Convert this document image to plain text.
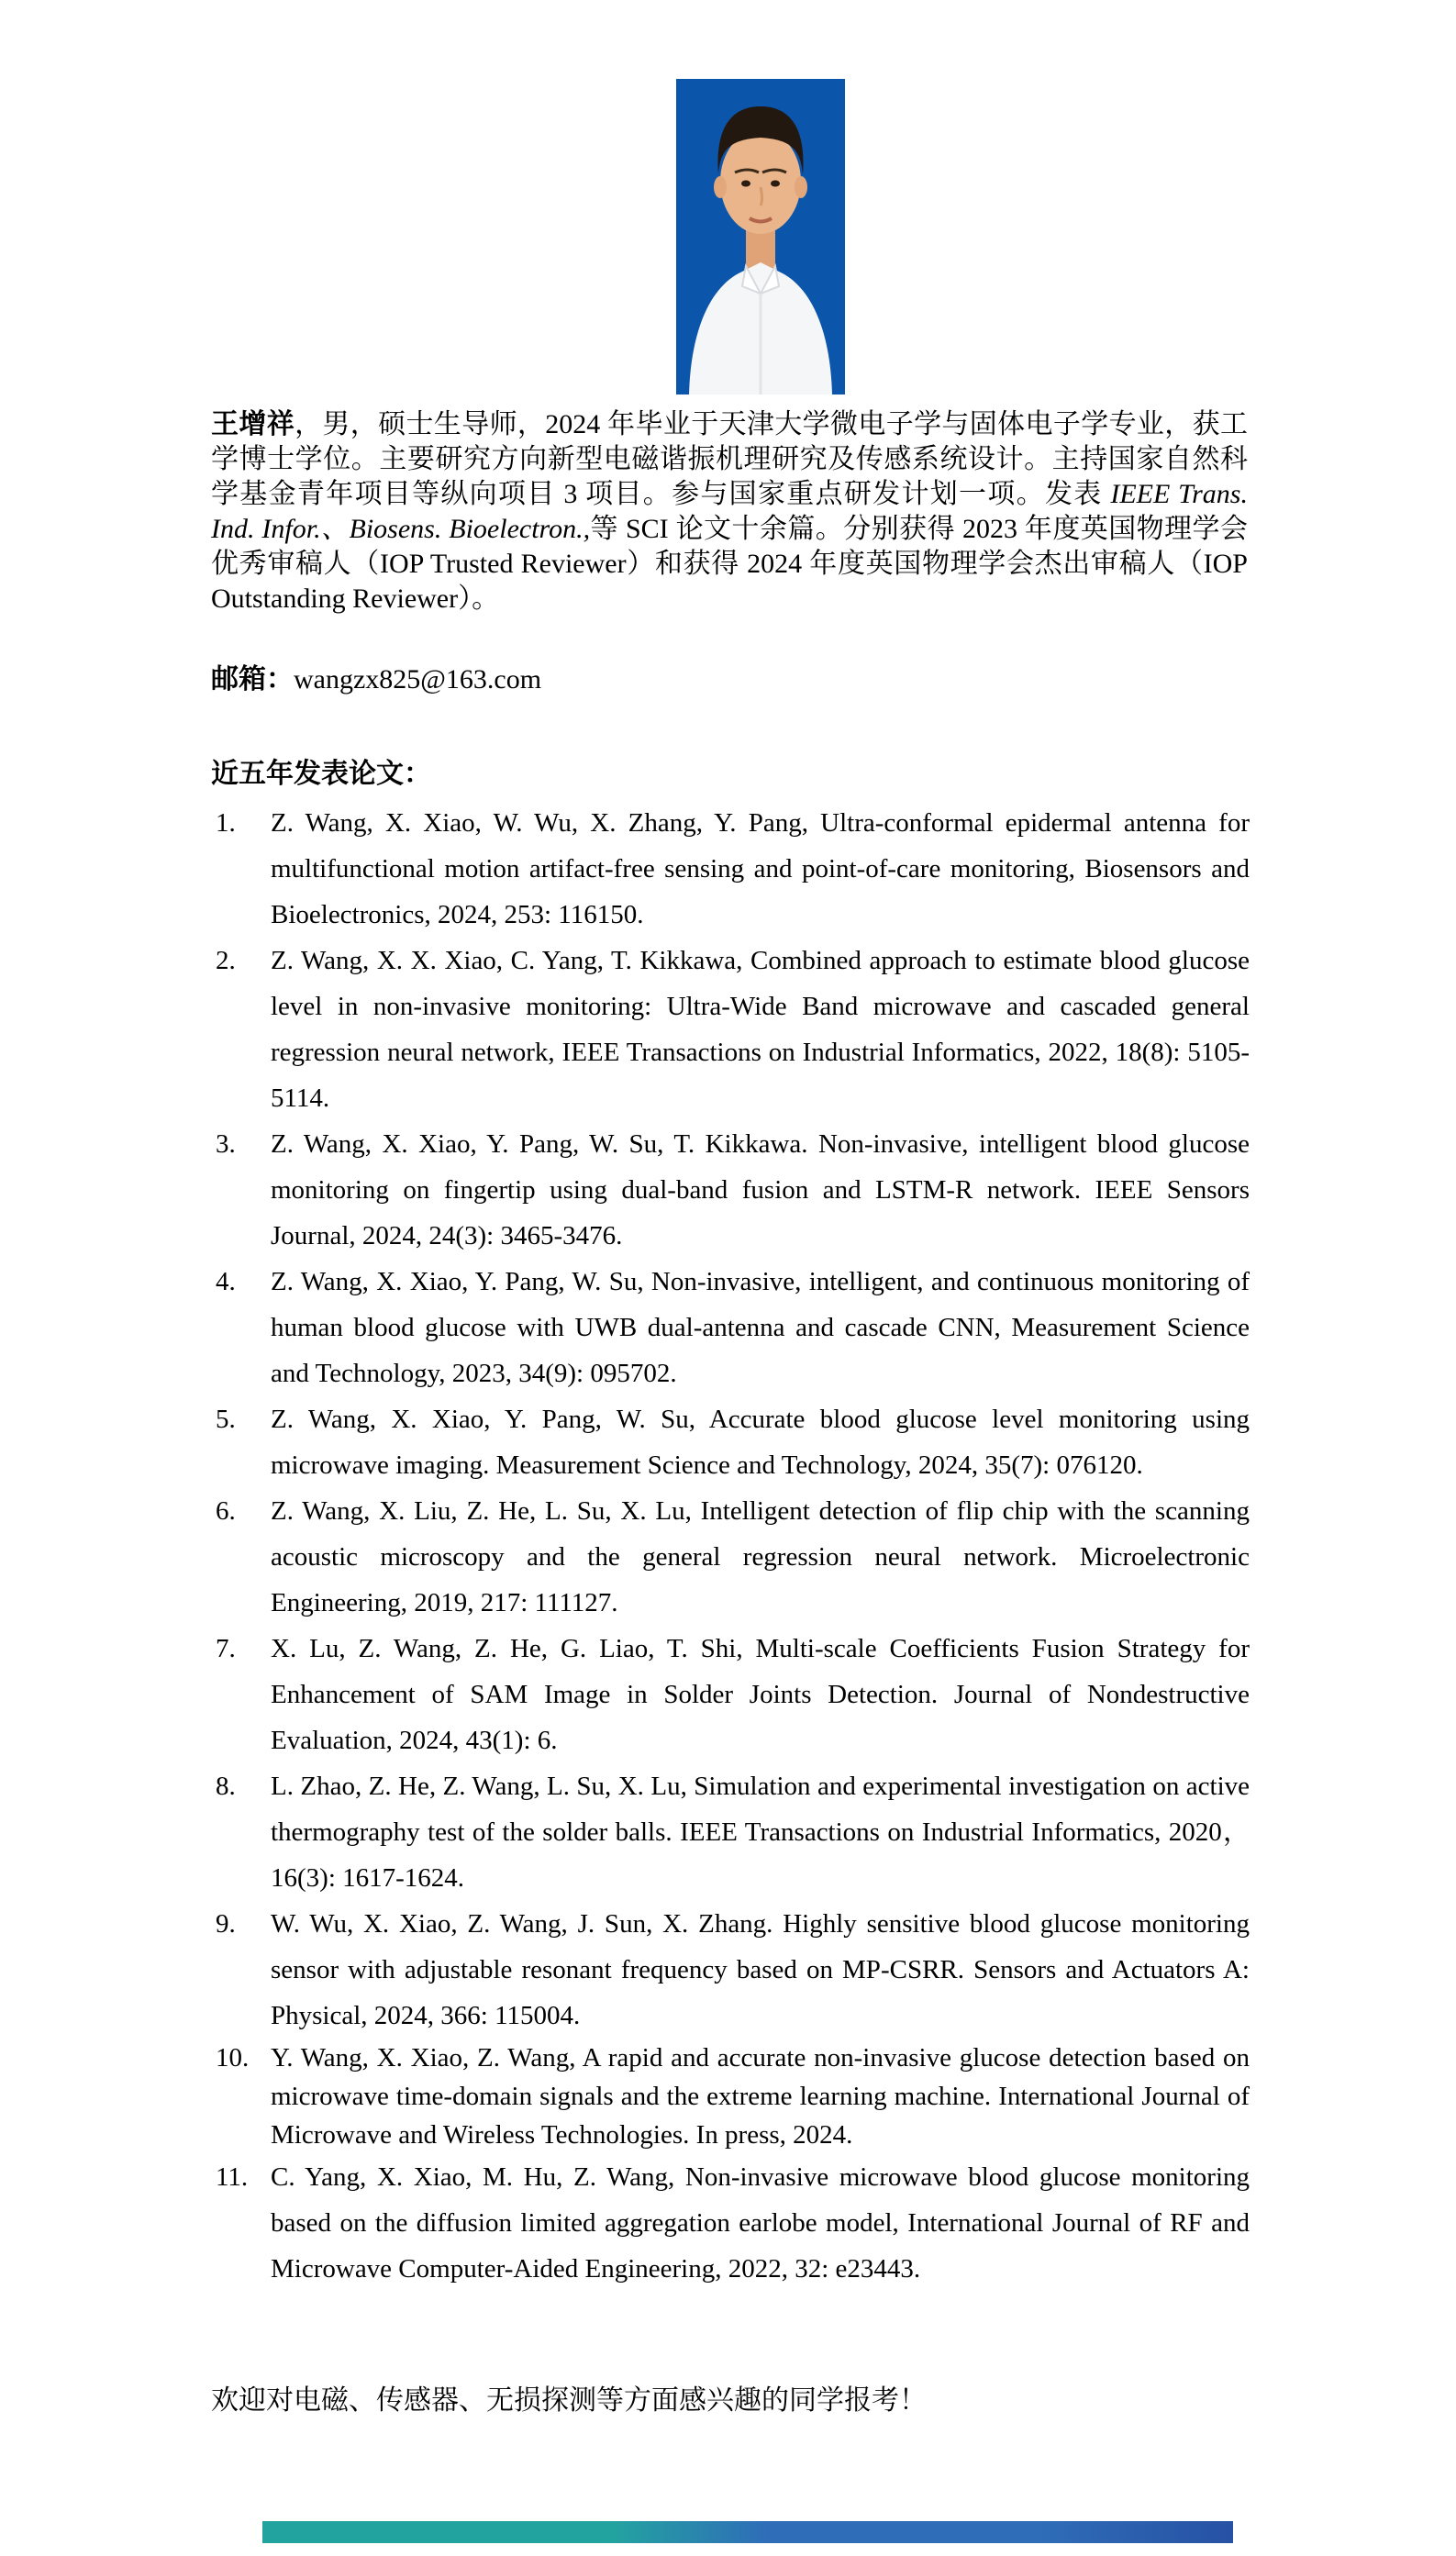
王增祥，男，硕士生导师，2024 年毕业于天津大学微电子学与固体电子学专业，获工学博士学位。主要研究方向新型电磁谐振机理研究及传感系统设计。主持国家自然科学基金青年项目等纵向项目 3 项目。参与国家重点研发计划一项。发表 IEEE Trans. Ind. Infor.、Biosens. Bioelectron.,等 SCI 论文十余篇。分别获得 2023 年度英国物理学会优秀审稿人（IOP Trusted Reviewer）和获得 2024 年度英国物理学会杰出审稿人（IOP Outstanding Reviewer）。

邮箱：wangzx825@163.com

近五年发表论文：
1. Z. Wang, X. Xiao, W. Wu, X. Zhang, Y. Pang, Ultra-conformal epidermal antenna for multifunctional motion artifact-free sensing and point-of-care monitoring, Biosensors and Bioelectronics, 2024, 253: 116150.
2. Z. Wang, X. X. Xiao, C. Yang, T. Kikkawa, Combined approach to estimate blood glucose level in non-invasive monitoring: Ultra-Wide Band microwave and cascaded general regression neural network, IEEE Transactions on Industrial Informatics, 2022, 18(8): 5105-5114.
3. Z. Wang, X. Xiao, Y. Pang, W. Su, T. Kikkawa. Non-invasive, intelligent blood glucose monitoring on fingertip using dual-band fusion and LSTM-R network. IEEE Sensors Journal, 2024, 24(3): 3465-3476.
4. Z. Wang, X. Xiao, Y. Pang, W. Su, Non-invasive, intelligent, and continuous monitoring of human blood glucose with UWB dual-antenna and cascade CNN, Measurement Science and Technology, 2023, 34(9): 095702.
5. Z. Wang, X. Xiao, Y. Pang, W. Su, Accurate blood glucose level monitoring using microwave imaging. Measurement Science and Technology, 2024, 35(7): 076120.
6. Z. Wang, X. Liu, Z. He, L. Su, X. Lu, Intelligent detection of flip chip with the scanning acoustic microscopy and the general regression neural network. Microelectronic Engineering, 2019, 217: 111127.
7. X. Lu, Z. Wang, Z. He, G. Liao, T. Shi, Multi-scale Coefficients Fusion Strategy for Enhancement of SAM Image in Solder Joints Detection. Journal of Nondestructive Evaluation, 2024, 43(1): 6.
8. L. Zhao, Z. He, Z. Wang, L. Su, X. Lu, Simulation and experimental investigation on active thermography test of the solder balls. IEEE Transactions on Industrial Informatics, 2020，16(3): 1617-1624.
9. W. Wu, X. Xiao, Z. Wang, J. Sun, X. Zhang. Highly sensitive blood glucose monitoring sensor with adjustable resonant frequency based on MP-CSRR. Sensors and Actuators A: Physical, 2024, 366: 115004.
10. Y. Wang, X. Xiao, Z. Wang, A rapid and accurate non-invasive glucose detection based on microwave time-domain signals and the extreme learning machine. International Journal of Microwave and Wireless Technologies. In press, 2024.
11. C. Yang, X. Xiao, M. Hu, Z. Wang, Non-invasive microwave blood glucose monitoring based on the diffusion limited aggregation earlobe model, International Journal of RF and Microwave Computer-Aided Engineering, 2022, 32: e23443.

欢迎对电磁、传感器、无损探测等方面感兴趣的同学报考！
